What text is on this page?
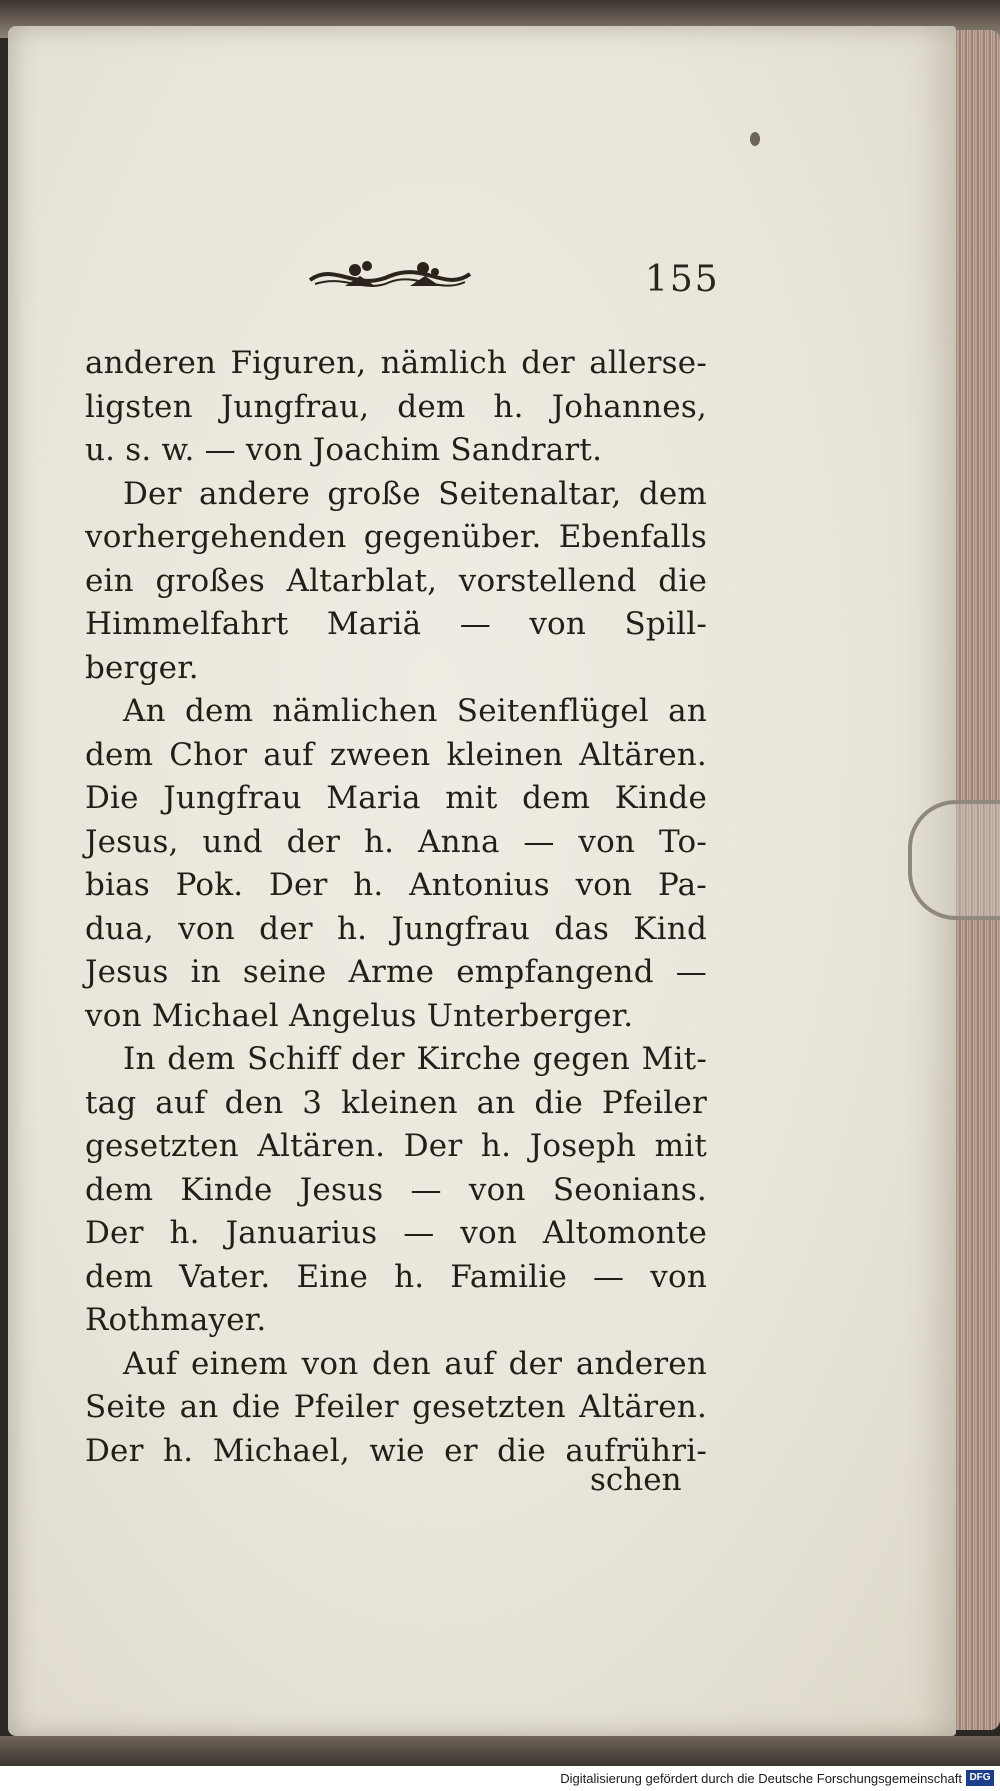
155
anderen Figuren, nämlich der allerse-
ligsten Jungfrau, dem h. Johannes,
u. s. w. — von Joachim Sandrart.
Der andere große Seitenaltar, dem
vorhergehenden gegenüber. Ebenfalls
ein großes Altarblat, vorstellend die
Himmelfahrt Mariä — von Spill-
berger.
An dem nämlichen Seitenflügel an
dem Chor auf zween kleinen Altären.
Die Jungfrau Maria mit dem Kinde
Jesus, und der h. Anna — von To-
bias Pok. Der h. Antonius von Pa-
dua, von der h. Jungfrau das Kind
Jesus in seine Arme empfangend —
von Michael Angelus Unterberger.
In dem Schiff der Kirche gegen Mit-
tag auf den 3 kleinen an die Pfeiler
gesetzten Altären. Der h. Joseph mit
dem Kinde Jesus — von Seonians.
Der h. Januarius — von Altomonte
dem Vater. Eine h. Familie — von
Rothmayer.
Auf einem von den auf der anderen
Seite an die Pfeiler gesetzten Altären.
Der h. Michael, wie er die aufrühri-
schen
Digitalisierung gefördert durch die Deutsche Forschungsgemeinschaft DFG
